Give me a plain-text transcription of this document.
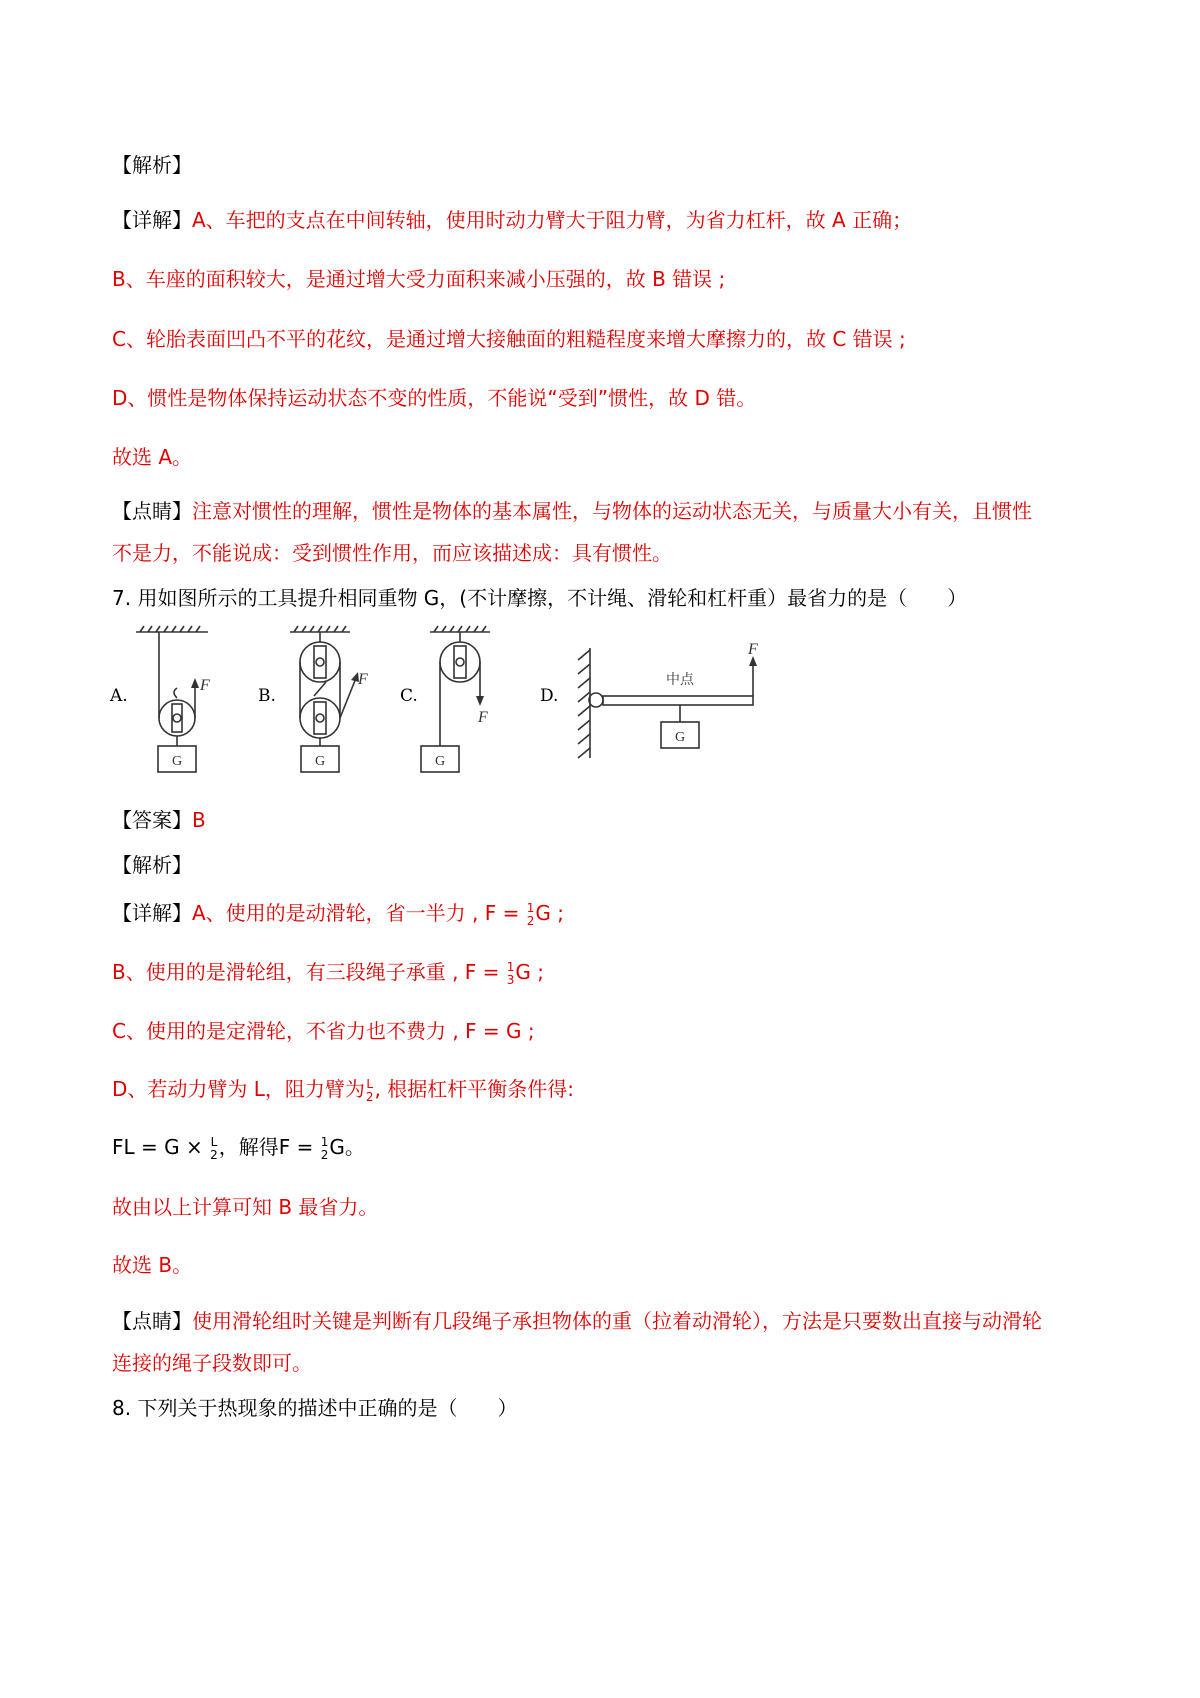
【解析】
【详解】A、车把的支点在中间转轴，使用时动力臂大于阻力臂，为省力杠杆，故 A 正确；
B、车座的面积较大，是通过增大受力面积来减小压强的，故 B 错误 ;
C、轮胎表面凹凸不平的花纹，是通过增大接触面的粗糙程度来增大摩擦力的，故 C 错误 ;
D、惯性是物体保持运动状态不变的性质，不能说“受到”惯性，故 D 错。
故选 A。
【点睛】注意对惯性的理解，惯性是物体的基本属性，与物体的运动状态无关，与质量大小有关，且惯性
不是力，不能说成：受到惯性作用，而应该描述成：具有惯性。
7. 用如图所示的工具提升相同重物 G，(不计摩擦，不计绳、滑轮和杠杆重）最省力的是（　　）
F
G
F
G
F
G
F
中点
G
A.	B.	C.	D.
【答案】B
【解析】
【详解】A、使用的是动滑轮，省一半力 , F = 1
2 G ;
B、使用的是滑轮组，有三段绳子承重 , F = 1
3 G ;
C、使用的是定滑轮，不省力也不费力 , F = G ;
D、若动力臂为 L，阻力臂为 L
2 , 根据杠杆平衡条件得:
FL = G × L
2 ，解得F = 1
2 G。
故由以上计算可知 B 最省力。
故选 B。
【点睛】使用滑轮组时关键是判断有几段绳子承担物体的重（拉着动滑轮），方法是只要数出直接与动滑轮
连接的绳子段数即可。
8. 下列关于热现象的描述中正确的是（　　）
